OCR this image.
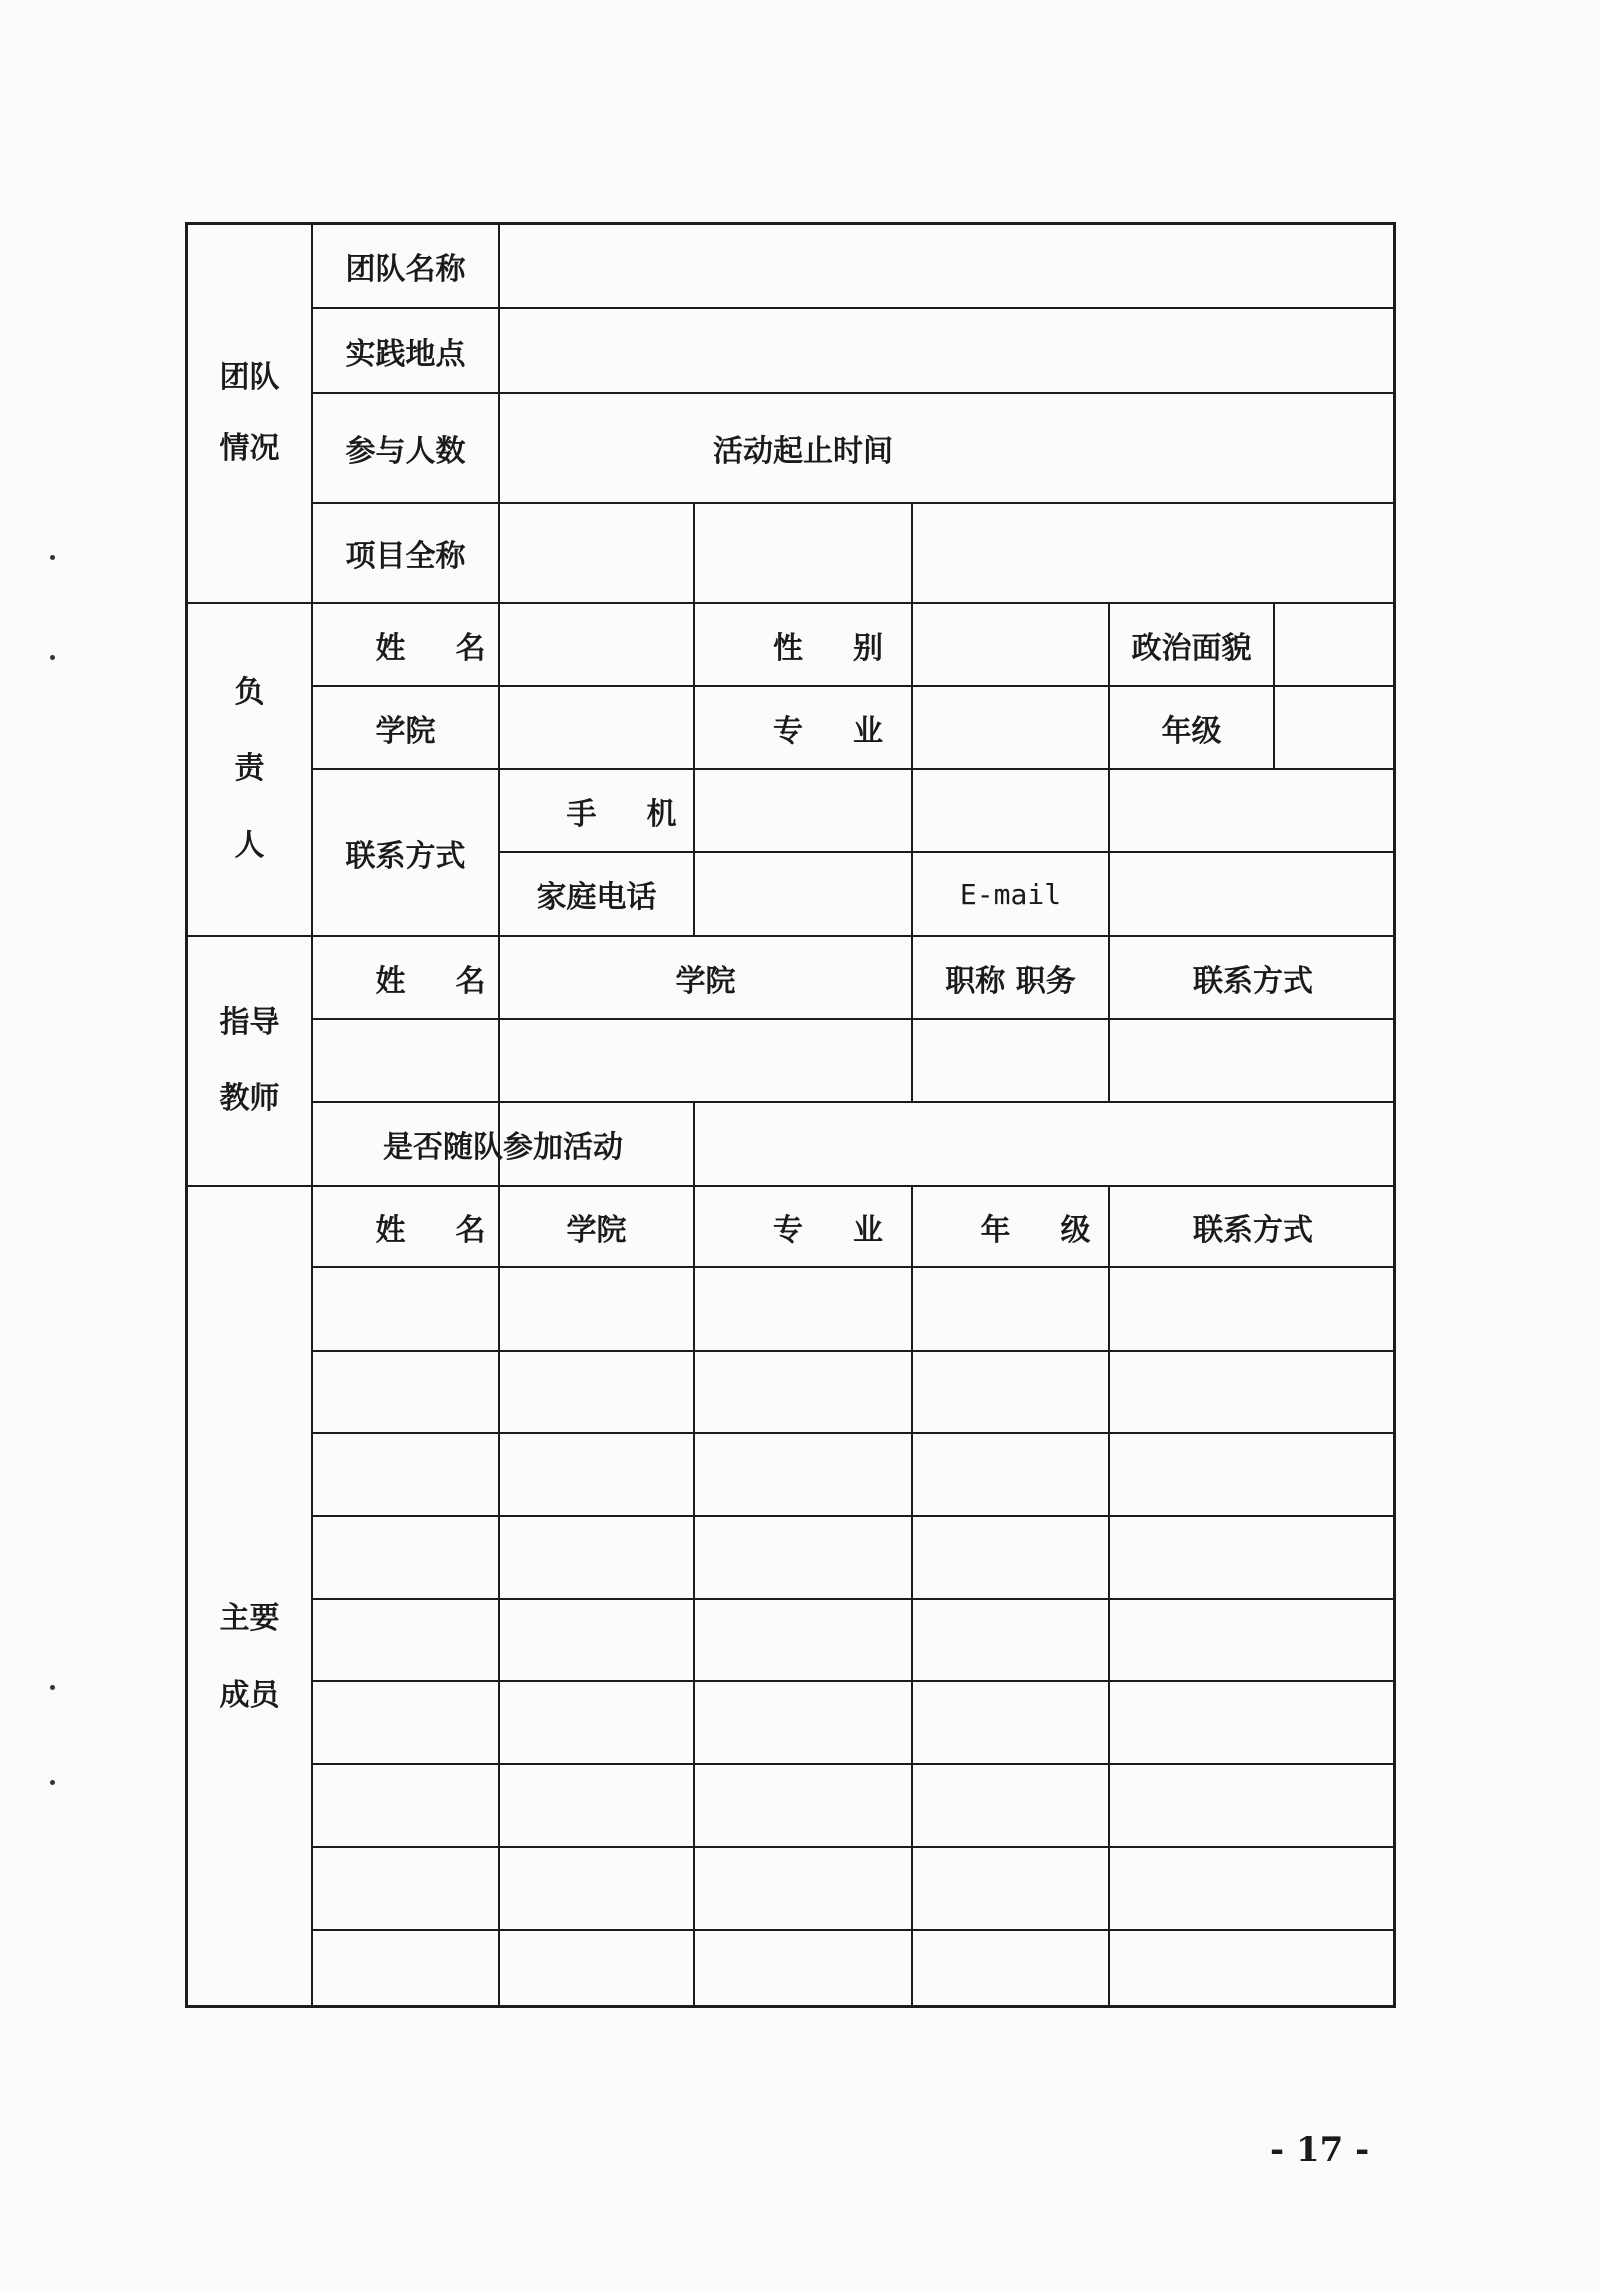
团队
情况
团队名称
实践地点
参与人数	活动起止时间
项目全称
负
责
人
姓名	性别	政治面貌
学院	专业	年级
联系方式
手机
家庭电话	E-mail
指导
教师
姓名	学院	职称 职务	联系方式
是否随队参加活动
主要
成员
姓名	学院	专业	年级	联系方式
- 17 -
